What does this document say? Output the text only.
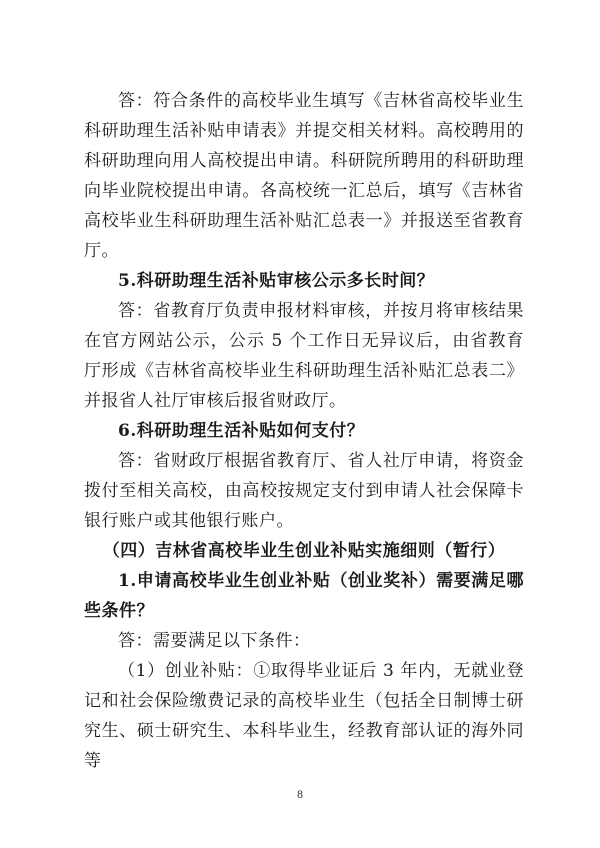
答：符合条件的高校毕业生填写《吉林省高校毕业生科研助理生活补贴申请表》并提交相关材料。高校聘用的科研助理向用人高校提出申请。科研院所聘用的科研助理向毕业院校提出申请。各高校统一汇总后，填写《吉林省高校毕业生科研助理生活补贴汇总表一》并报送至省教育厅。

5.科研助理生活补贴审核公示多长时间？

答：省教育厅负责申报材料审核，并按月将审核结果在官方网站公示，公示 5 个工作日无异议后，由省教育厅形成《吉林省高校毕业生科研助理生活补贴汇总表二》并报省人社厅审核后报省财政厅。

6.科研助理生活补贴如何支付？

答：省财政厅根据省教育厅、省人社厅申请，将资金拨付至相关高校，由高校按规定支付到申请人社会保障卡银行账户或其他银行账户。

（四）吉林省高校毕业生创业补贴实施细则（暂行）

1.申请高校毕业生创业补贴（创业奖补）需要满足哪些条件？

答：需要满足以下条件：

（1）创业补贴：①取得毕业证后 3 年内，无就业登记和社会保险缴费记录的高校毕业生（包括全日制博士研究生、硕士研究生、本科毕业生，经教育部认证的海外同等

8
